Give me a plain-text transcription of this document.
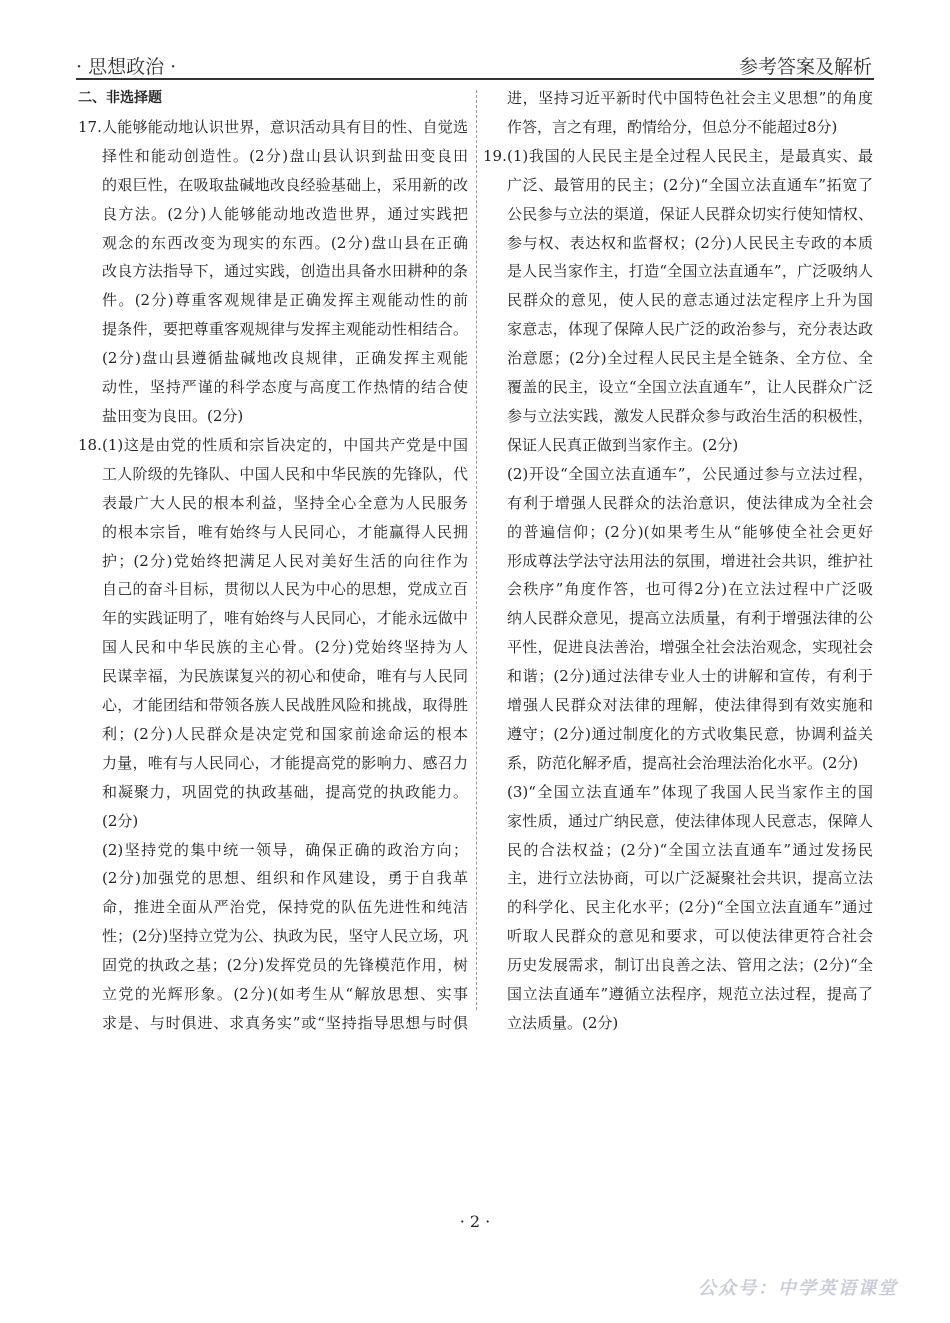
· 思想政治 ·	参考答案及解析
二、非选择题
17. 人能够能动地认识世界，意识活动具有目的性、自觉选
择性和能动创造性。(2分)盘山县认识到盐田变良田
的艰巨性，在吸取盐碱地改良经验基础上，采用新的改
良方法。(2分)人能够能动地改造世界，通过实践把
观念的东西改变为现实的东西。(2分)盘山县在正确
改良方法指导下，通过实践，创造出具备水田耕种的条
件。(2分)尊重客观规律是正确发挥主观能动性的前
提条件，要把尊重客观规律与发挥主观能动性相结合。
(2分)盘山县遵循盐碱地改良规律，正确发挥主观能
动性，坚持严谨的科学态度与高度工作热情的结合使
盐田变为良田。(2分)
18. (1)这是由党的性质和宗旨决定的，中国共产党是中国
工人阶级的先锋队、中国人民和中华民族的先锋队，代
表最广大人民的根本利益，坚持全心全意为人民服务
的根本宗旨，唯有始终与人民同心，才能赢得人民拥
护；(2分)党始终把满足人民对美好生活的向往作为
自己的奋斗目标，贯彻以人民为中心的思想，党成立百
年的实践证明了，唯有始终与人民同心，才能永远做中
国人民和中华民族的主心骨。(2分)党始终坚持为人
民谋幸福，为民族谋复兴的初心和使命，唯有与人民同
心，才能团结和带领各族人民战胜风险和挑战，取得胜
利；(2分)人民群众是决定党和国家前途命运的根本
力量，唯有与人民同心，才能提高党的影响力、感召力
和凝聚力，巩固党的执政基础，提高党的执政能力。
(2分)
(2)坚持党的集中统一领导，确保正确的政治方向；
(2分)加强党的思想、组织和作风建设，勇于自我革
命，推进全面从严治党，保持党的队伍先进性和纯洁
性；(2分)坚持立党为公、执政为民，坚守人民立场，巩
固党的执政之基；(2分)发挥党员的先锋模范作用，树
立党的光辉形象。(2分)(如考生从“解放思想、实事
求是、与时俱进、求真务实”或“坚持指导思想与时俱
进，坚持习近平新时代中国特色社会主义思想”的角度
作答，言之有理，酌情给分，但总分不能超过8分)
19. (1)我国的人民民主是全过程人民民主，是最真实、最
广泛、最管用的民主；(2分)“全国立法直通车”拓宽了
公民参与立法的渠道，保证人民群众切实行使知情权、
参与权、表达权和监督权；(2分)人民民主专政的本质
是人民当家作主，打造“全国立法直通车”，广泛吸纳人
民群众的意见，使人民的意志通过法定程序上升为国
家意志，体现了保障人民广泛的政治参与，充分表达政
治意愿；(2分)全过程人民民主是全链条、全方位、全
覆盖的民主，设立“全国立法直通车”，让人民群众广泛
参与立法实践，激发人民群众参与政治生活的积极性，
保证人民真正做到当家作主。(2分)
(2)开设“全国立法直通车”，公民通过参与立法过程，
有利于增强人民群众的法治意识，使法律成为全社会
的普遍信仰；(2分)(如果考生从“能够使全社会更好
形成尊法学法守法用法的氛围，增进社会共识，维护社
会秩序”角度作答，也可得2分)在立法过程中广泛吸
纳人民群众意见，提高立法质量，有利于增强法律的公
平性，促进良法善治，增强全社会法治观念，实现社会
和谐；(2分)通过法律专业人士的讲解和宣传，有利于
增强人民群众对法律的理解，使法律得到有效实施和
遵守；(2分)通过制度化的方式收集民意，协调利益关
系，防范化解矛盾，提高社会治理法治化水平。(2分)
(3)“全国立法直通车”体现了我国人民当家作主的国
家性质，通过广纳民意，使法律体现人民意志，保障人
民的合法权益；(2分)“全国立法直通车”通过发扬民
主，进行立法协商，可以广泛凝聚社会共识，提高立法
的科学化、民主化水平；(2分)“全国立法直通车”通过
听取人民群众的意见和要求，可以使法律更符合社会
历史发展需求，制订出良善之法、管用之法；(2分)“全
国立法直通车”遵循立法程序，规范立法过程，提高了
立法质量。(2分)
· 2 ·
公众号：中学英语课堂
